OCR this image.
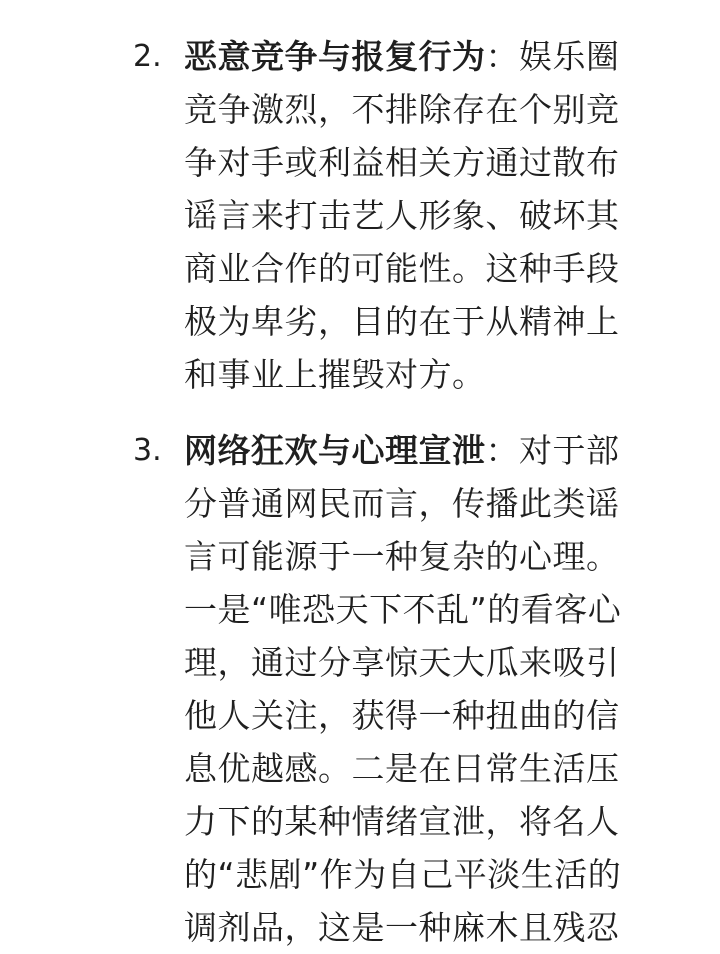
2. 恶意竞争与报复行为：娱乐圈
竞争激烈，不排除存在个别竞
争对手或利益相关方通过散布
谣言来打击艺人形象、破坏其
商业合作的可能性。这种手段
极为卑劣，目的在于从精神上
和事业上摧毁对方。
3. 网络狂欢与心理宣泄：对于部
分普通网民而言，传播此类谣
言可能源于一种复杂的心理。
一是“唯恐天下不乱”的看客心
理，通过分享惊天大瓜来吸引
他人关注，获得一种扭曲的信
息优越感。二是在日常生活压
力下的某种情绪宣泄，将名人
的“悲剧”作为自己平淡生活的
调剂品，这是一种麻木且残忍
